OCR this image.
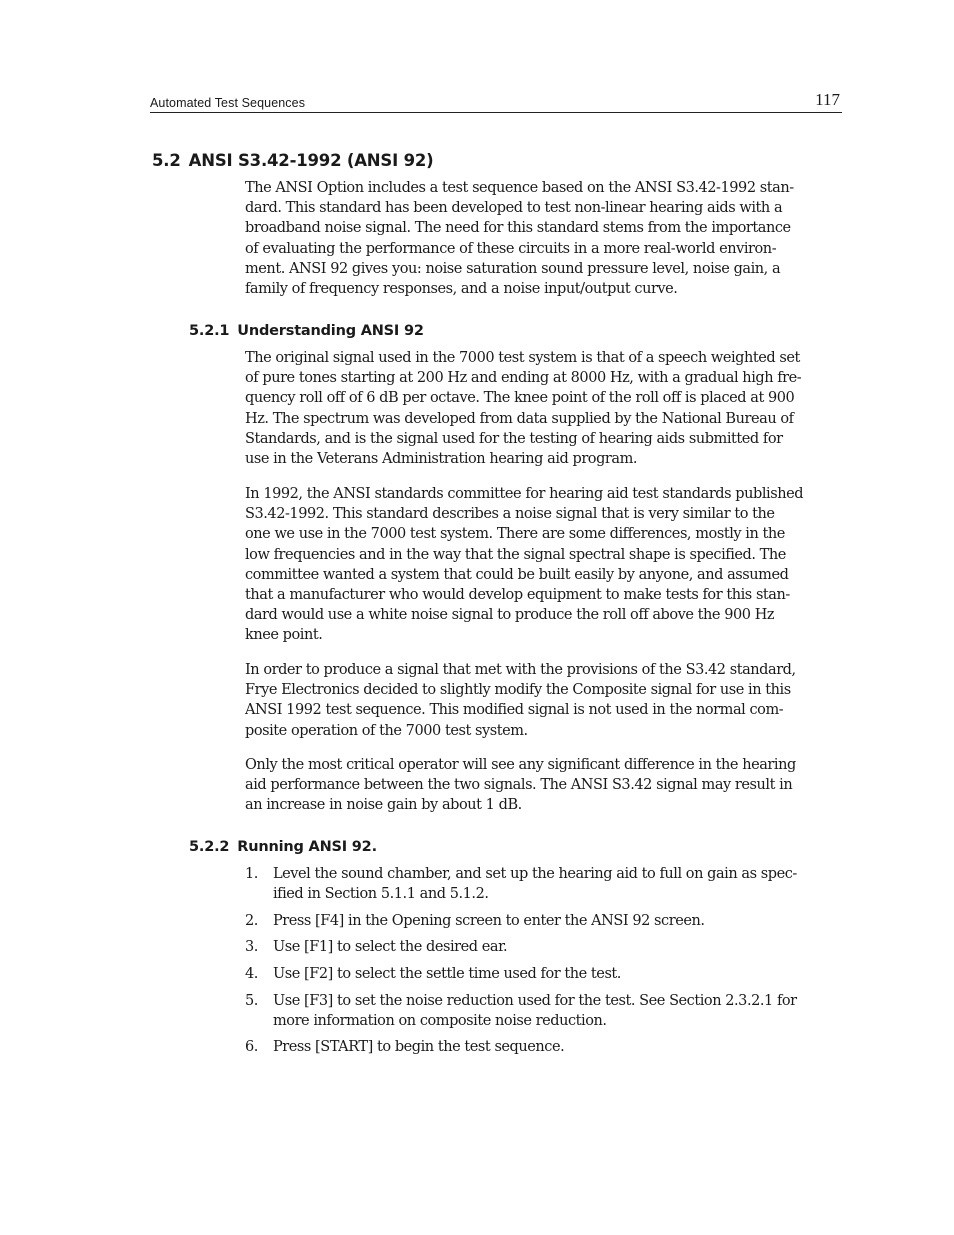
Automated Test Sequences	117
5.2 ANSI S3.42-1992 (ANSI 92)
The ANSI Option includes a test sequence based on the ANSI S3.42-1992 stan-
dard. This standard has been developed to test non-linear hearing aids with a
broadband noise signal. The need for this standard stems from the importance
of evaluating the performance of these circuits in a more real-world environ-
ment. ANSI 92 gives you: noise saturation sound pressure level, noise gain, a
family of frequency responses, and a noise input/output curve.
5.2.1 Understanding ANSI 92
The original signal used in the 7000 test system is that of a speech weighted set
of pure tones starting at 200 Hz and ending at 8000 Hz, with a gradual high fre-
quency roll off of 6 dB per octave. The knee point of the roll off is placed at 900
Hz. The spectrum was developed from data supplied by the National Bureau of
Standards, and is the signal used for the testing of hearing aids submitted for
use in the Veterans Administration hearing aid program.
In 1992, the ANSI standards committee for hearing aid test standards published
S3.42-1992. This standard describes a noise signal that is very similar to the
one we use in the 7000 test system. There are some differences, mostly in the
low frequencies and in the way that the signal spectral shape is specified. The
committee wanted a system that could be built easily by anyone, and assumed
that a manufacturer who would develop equipment to make tests for this stan-
dard would use a white noise signal to produce the roll off above the 900 Hz
knee point.
In order to produce a signal that met with the provisions of the S3.42 standard,
Frye Electronics decided to slightly modify the Composite signal for use in this
ANSI 1992 test sequence. This modified signal is not used in the normal com-
posite operation of the 7000 test system.
Only the most critical operator will see any significant difference in the hearing
aid performance between the two signals. The ANSI S3.42 signal may result in
an increase in noise gain by about 1 dB.
5.2.2 Running ANSI 92.
1. Level the sound chamber, and set up the hearing aid to full on gain as spec-
ified in Section 5.1.1 and 5.1.2.
2. Press [F4] in the Opening screen to enter the ANSI 92 screen.
3. Use [F1] to select the desired ear.
4. Use [F2] to select the settle time used for the test.
5. Use [F3] to set the noise reduction used for the test. See Section 2.3.2.1 for
more information on composite noise reduction.
6. Press [START] to begin the test sequence.
